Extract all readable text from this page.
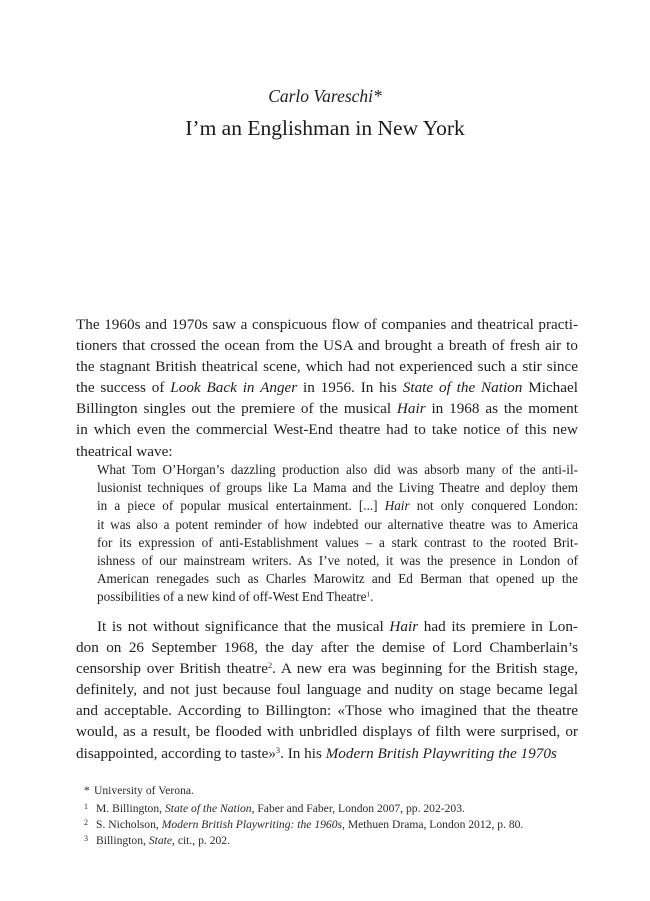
Carlo Vareschi*
I’m an Englishman in New York
The 1960s and 1970s saw a conspicuous flow of companies and theatrical practi-
tioners that crossed the ocean from the USA and brought a breath of fresh air to
the stagnant British theatrical scene, which had not experienced such a stir since
the success of Look Back in Anger in 1956. In his State of the Nation Michael
Billington singles out the premiere of the musical Hair in 1968 as the moment
in which even the commercial West-End theatre had to take notice of this new
theatrical wave:
What Tom O’Horgan’s dazzling production also did was absorb many of the anti-il-
lusionist techniques of groups like La Mama and the Living Theatre and deploy them
in a piece of popular musical entertainment. [...] Hair not only conquered London:
it was also a potent reminder of how indebted our alternative theatre was to America
for its expression of anti-Establishment values – a stark contrast to the rooted Brit-
ishness of our mainstream writers. As I’ve noted, it was the presence in London of
American renegades such as Charles Marowitz and Ed Berman that opened up the
possibilities of a new kind of off-West End Theatre$^1$.
It is not without significance that the musical Hair had its premiere in Lon-
don on 26 September 1968, the day after the demise of Lord Chamberlain’s
censorship over British theatre$^2$. A new era was beginning for the British stage,
definitely, and not just because foul language and nudity on stage became legal
and acceptable. According to Billington: «Those who imagined that the theatre
would, as a result, be flooded with unbridled displays of filth were surprised, or
disappointed, according to taste»$^3$. In his Modern British Playwriting the 1970s
* University of Verona.
1 M. Billington, State of the Nation, Faber and Faber, London 2007, pp. 202-203.
2 S. Nicholson, Modern British Playwriting: the 1960s, Methuen Drama, London 2012, p. 80.
3 Billington, State, cit., p. 202.
